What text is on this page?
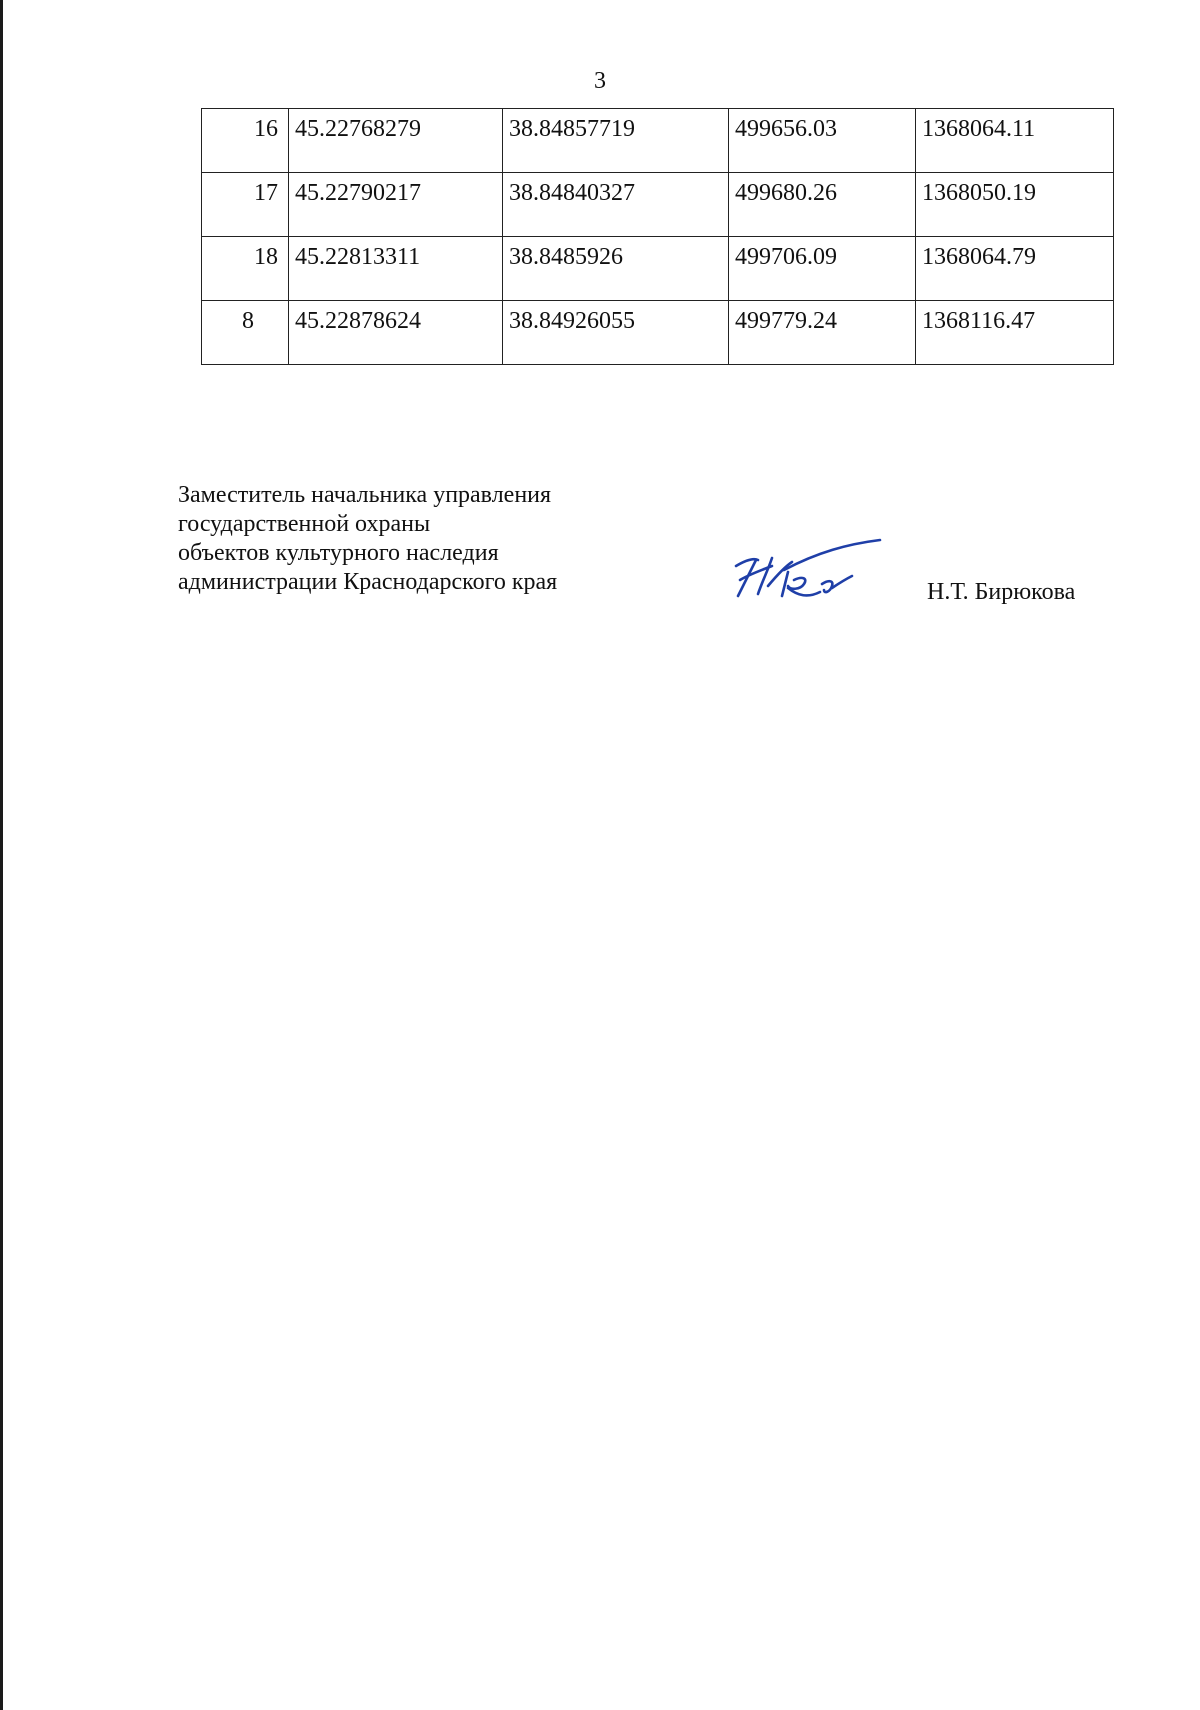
3
16	45.22768279	38.84857719	499656.03	1368064.11
17	45.22790217	38.84840327	499680.26	1368050.19
18	45.22813311	38.8485926	499706.09	1368064.79
8	45.22878624	38.84926055	499779.24	1368116.47
Заместитель начальника управления
государственной охраны
объектов культурного наследия
администрации Краснодарского края	Н.Т. Бирюкова
